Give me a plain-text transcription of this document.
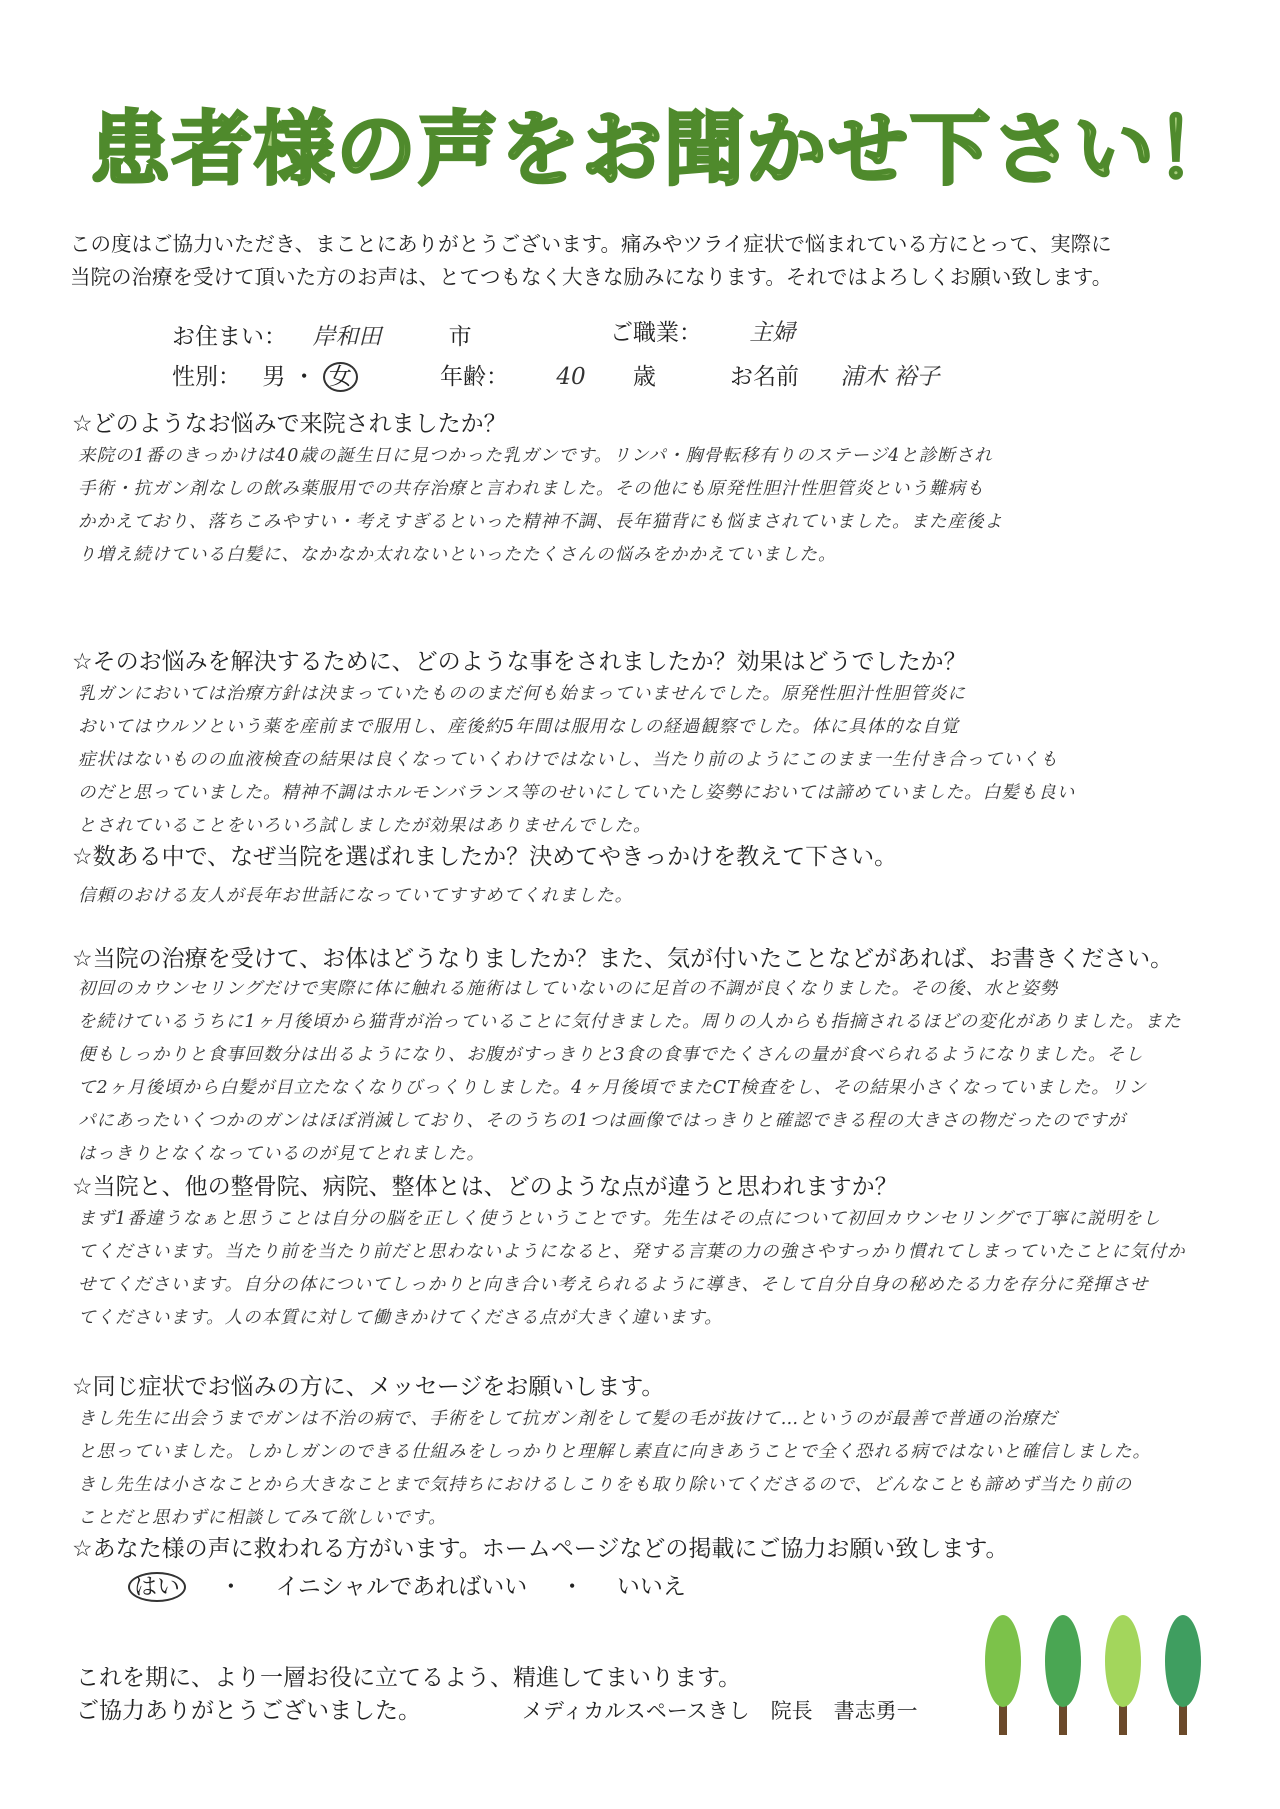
患者様の声をお聞かせ下さい！
この度はご協力いただき、まことにありがとうございます。痛みやツライ症状で悩まれている方にとって、実際に
当院の治療を受けて頂いた方のお声は、とてつもなく大きな励みになります。それではよろしくお願い致します。
お住まい： 岸和田	市	ご職業： 主婦
性別： 男 ・ 女	年齢： 40 歳	お名前 浦木 裕子
☆どのようなお悩みで来院されましたか？
来院の1番のきっかけは40歳の誕生日に見つかった乳ガンです。リンパ・胸骨転移有りのステージ4と診断され
手術・抗ガン剤なしの飲み薬服用での共存治療と言われました。その他にも原発性胆汁性胆管炎という難病も
かかえており、落ちこみやすい・考えすぎるといった精神不調、長年猫背にも悩まされていました。また産後よ
り増え続けている白髪に、なかなか太れないといったたくさんの悩みをかかえていました。
☆そのお悩みを解決するために、どのような事をされましたか？効果はどうでしたか？
乳ガンにおいては治療方針は決まっていたもののまだ何も始まっていませんでした。原発性胆汁性胆管炎に
おいてはウルソという薬を産前まで服用し、産後約5年間は服用なしの経過観察でした。体に具体的な自覚
症状はないものの血液検査の結果は良くなっていくわけではないし、当たり前のようにこのまま一生付き合っていくも
のだと思っていました。精神不調はホルモンバランス等のせいにしていたし姿勢においては諦めていました。白髪も良い
とされていることをいろいろ試しましたが効果はありませんでした。
☆数ある中で、なぜ当院を選ばれましたか？決めてやきっかけを教えて下さい。
信頼のおける友人が長年お世話になっていてすすめてくれました。
☆当院の治療を受けて、お体はどうなりましたか？また、気が付いたことなどがあれば、お書きください。
初回のカウンセリングだけで実際に体に触れる施術はしていないのに足首の不調が良くなりました。その後、水と姿勢
を続けているうちに1ヶ月後頃から猫背が治っていることに気付きました。周りの人からも指摘されるほどの変化がありました。また
便もしっかりと食事回数分は出るようになり、お腹がすっきりと3食の食事でたくさんの量が食べられるようになりました。そし
て2ヶ月後頃から白髪が目立たなくなりびっくりしました。4ヶ月後頃でまたCT検査をし、その結果小さくなっていました。リン
パにあったいくつかのガンはほぼ消滅しており、そのうちの1つは画像ではっきりと確認できる程の大きさの物だったのですが
はっきりとなくなっているのが見てとれました。
☆当院と、他の整骨院、病院、整体とは、どのような点が違うと思われますか？
まず1番違うなぁと思うことは自分の脳を正しく使うということです。先生はその点について初回カウンセリングで丁寧に説明をし
てくださいます。当たり前を当たり前だと思わないようになると、発する言葉の力の強さやすっかり慣れてしまっていたことに気付か
せてくださいます。自分の体についてしっかりと向き合い考えられるように導き、そして自分自身の秘めたる力を存分に発揮させ
てくださいます。人の本質に対して働きかけてくださる点が大きく違います。
☆同じ症状でお悩みの方に、メッセージをお願いします。
きし先生に出会うまでガンは不治の病で、手術をして抗ガン剤をして髪の毛が抜けて…というのが最善で普通の治療だ
と思っていました。しかしガンのできる仕組みをしっかりと理解し素直に向きあうことで全く恐れる病ではないと確信しました。
きし先生は小さなことから大きなことまで気持ちにおけるしこりをも取り除いてくださるので、どんなことも諦めず当たり前の
ことだと思わずに相談してみて欲しいです。
☆あなた様の声に救われる方がいます。ホームページなどの掲載にご協力お願い致します。
はい ・ イニシャルであればいい ・ いいえ
これを期に、より一層お役に立てるよう、精進してまいります。
ご協力ありがとうございました。	メディカルスペースきし　院長　書志勇一
